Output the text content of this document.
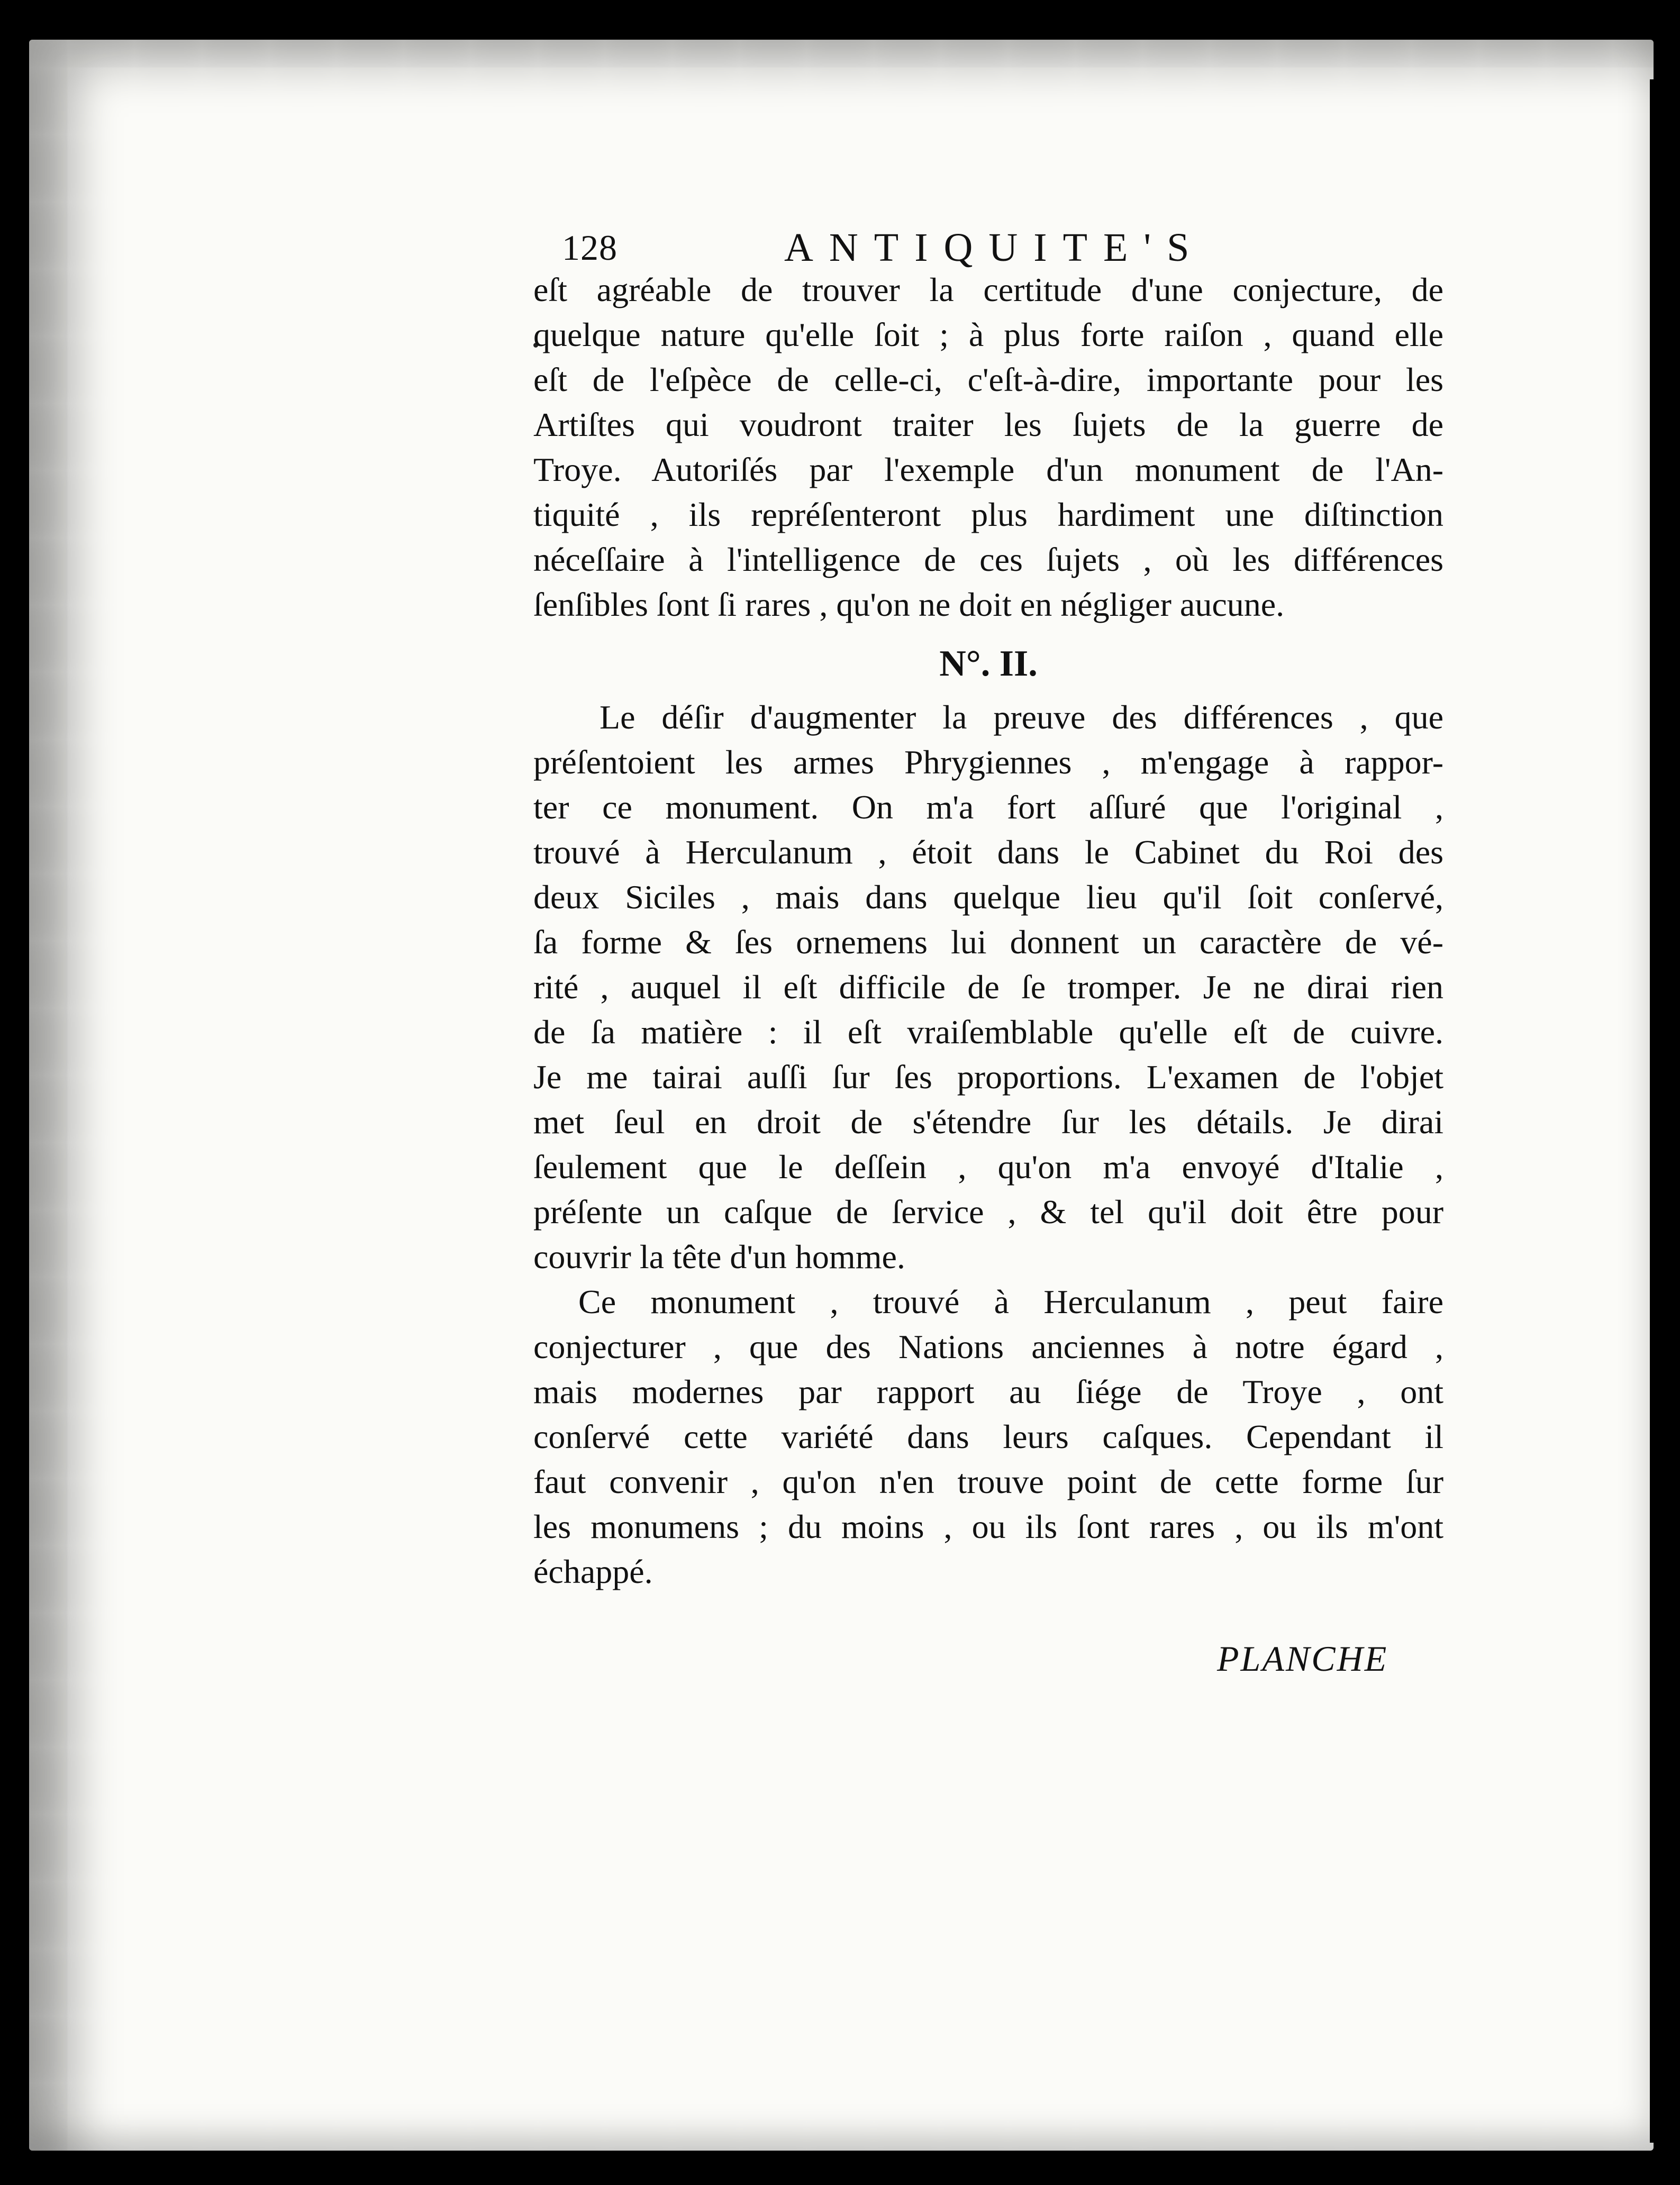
128	ANTIQUITE'S
eſt agréable de trouver la certitude d'une conjecture, de
quelque nature qu'elle ſoit ; à plus forte raiſon , quand elle
eſt de l'eſpèce de celle-ci, c'eſt-à-dire, importante pour les
Artiſtes qui voudront traiter les ſujets de la guerre de
Troye. Autoriſés par l'exemple d'un monument de l'An-
tiquité , ils repréſenteront plus hardiment une diſtinction
néceſſaire à l'intelligence de ces ſujets , où les différences
ſenſibles ſont ſi rares , qu'on ne doit en négliger aucune.
N°. II.
Le déſir d'augmenter la preuve des différences , que
préſentoient les armes Phrygiennes , m'engage à rappor-
ter ce monument. On m'a fort aſſuré que l'original ,
trouvé à Herculanum , étoit dans le Cabinet du Roi des
deux Siciles , mais dans quelque lieu qu'il ſoit conſervé,
ſa forme & ſes ornemens lui donnent un caractère de vé-
rité , auquel il eſt difficile de ſe tromper. Je ne dirai rien
de ſa matière : il eſt vraiſemblable qu'elle eſt de cuivre.
Je me tairai auſſi ſur ſes proportions. L'examen de l'objet
met ſeul en droit de s'étendre ſur les détails. Je dirai
ſeulement que le deſſein , qu'on m'a envoyé d'Italie ,
préſente un caſque de ſervice , & tel qu'il doit être pour
couvrir la tête d'un homme.
Ce monument , trouvé à Herculanum , peut faire
conjecturer , que des Nations anciennes à notre égard ,
mais modernes par rapport au ſiége de Troye , ont
conſervé cette variété dans leurs caſques. Cependant il
faut convenir , qu'on n'en trouve point de cette forme ſur
les monumens ; du moins , ou ils ſont rares , ou ils m'ont
échappé.
PLANCHE
